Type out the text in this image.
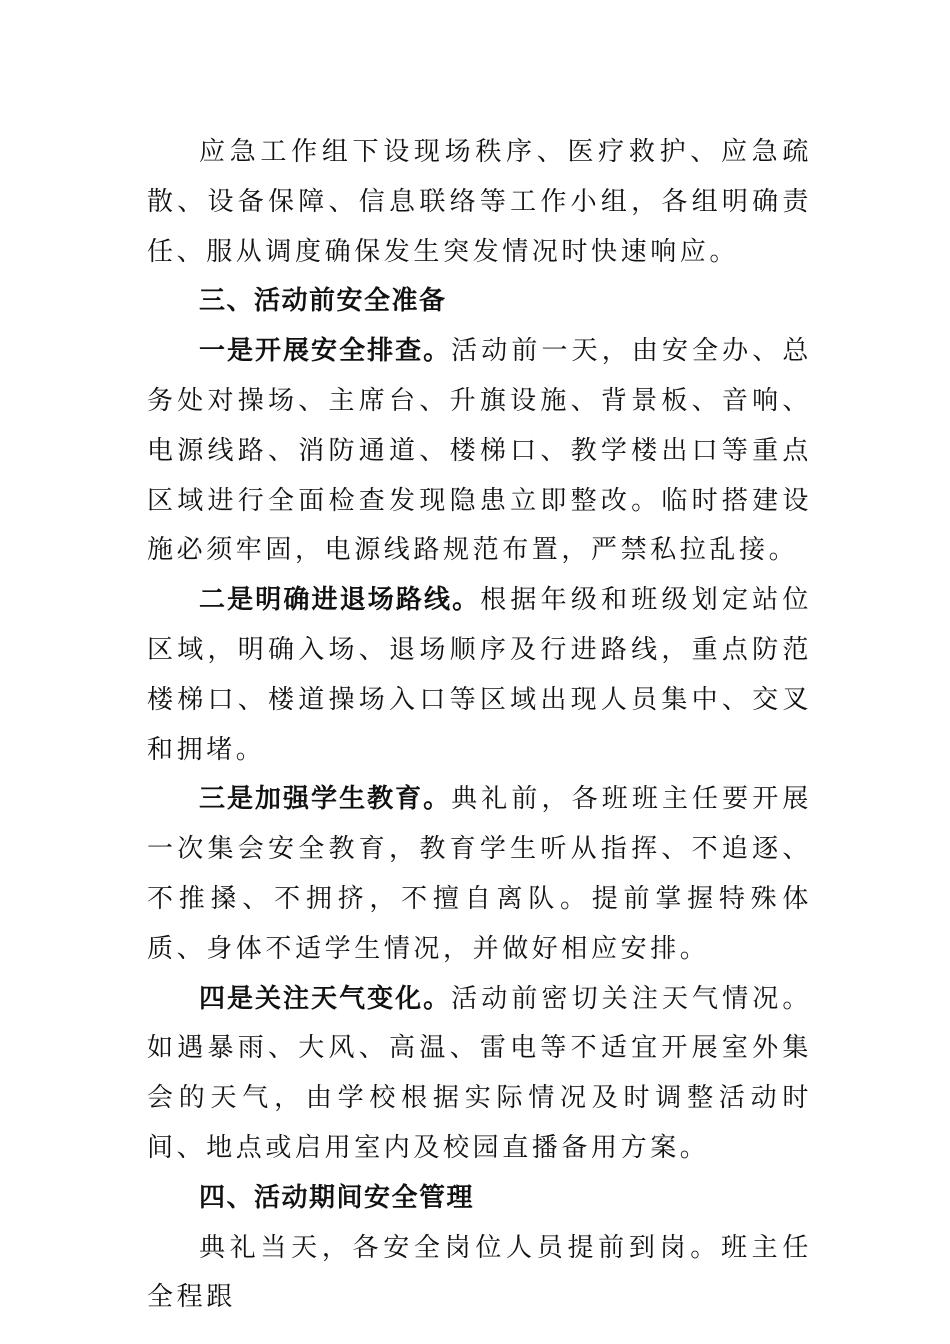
应急工作组下设现场秩序、医疗救护、应急疏散、设备保障、信息联络等工作小组，各组明确责任、服从调度确保发生突发情况时快速响应。

三、活动前安全准备

一是开展安全排查。活动前一天，由安全办、总务处对操场、主席台、升旗设施、背景板、音响、电源线路、消防通道、楼梯口、教学楼出口等重点区域进行全面检查发现隐患立即整改。临时搭建设施必须牢固，电源线路规范布置，严禁私拉乱接。

二是明确进退场路线。根据年级和班级划定站位区域，明确入场、退场顺序及行进路线，重点防范楼梯口、楼道操场入口等区域出现人员集中、交叉和拥堵。

三是加强学生教育。典礼前，各班班主任要开展一次集会安全教育，教育学生听从指挥、不追逐、不推搡、不拥挤，不擅自离队。提前掌握特殊体质、身体不适学生情况，并做好相应安排。

四是关注天气变化。活动前密切关注天气情况。如遇暴雨、大风、高温、雷电等不适宜开展室外集会的天气，由学校根据实际情况及时调整活动时间、地点或启用室内及校园直播备用方案。

四、活动期间安全管理

典礼当天，各安全岗位人员提前到岗。班主任全程跟
